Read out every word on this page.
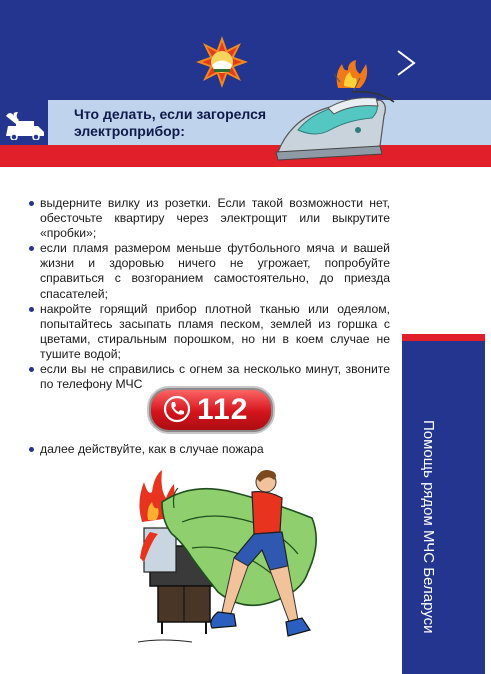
Что делать, если загорелся
электроприбор:
выдерните вилку из розетки. Если такой возможности нет, обесточьте квартиру через электрощит или выкрутите «пробки»;
если пламя размером меньше футбольного мяча и вашей жизни и здоровью ничего не угрожает, попробуйте справиться с возгоранием самостоятельно, до приезда спасателей;
накройте горящий прибор плотной тканью или одеялом, попытайтесь засыпать пламя песком, землей из горшка с цветами, стиральным порошком, но ни в коем случае не тушите водой;
если вы не справились с огнем за несколько минут, звоните по телефону МЧС
112
далее действуйте, как в случае пожара	Помощь рядом МЧС Беларуси
